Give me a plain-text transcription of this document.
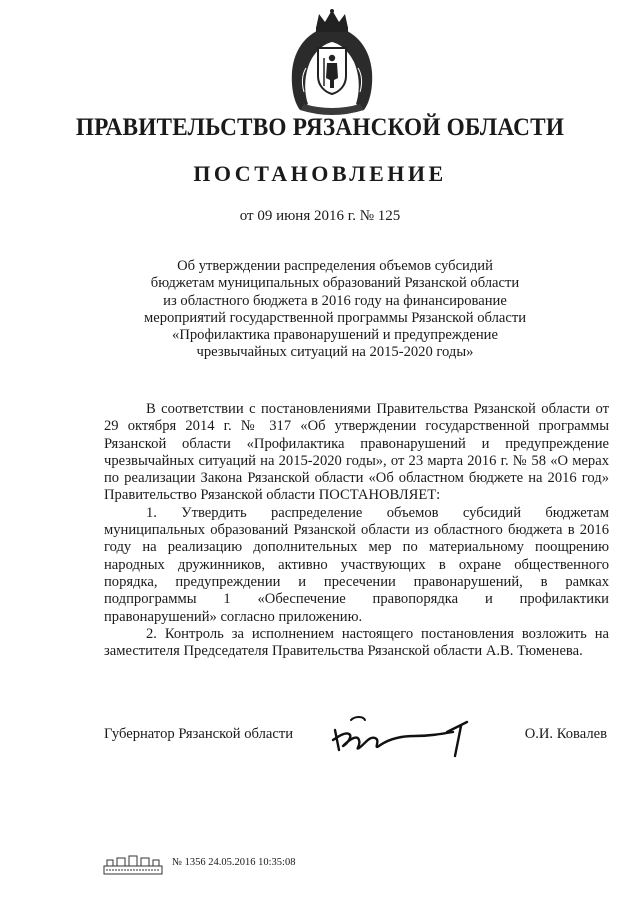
ПРАВИТЕЛЬСТВО РЯЗАНСКОЙ ОБЛАСТИ
ПОСТАНОВЛЕНИЕ
от 09 июня 2016 г. № 125
Об утверждении распределения объемов субсидий
бюджетам муниципальных образований Рязанской области
из областного бюджета в 2016 году на финансирование
мероприятий государственной программы Рязанской области
«Профилактика правонарушений и предупреждение
чрезвычайных ситуаций на 2015-2020 годы»

В соответствии с постановлениями Правительства Рязанской области от 29 октября 2014 г. № 317 «Об утверждении государственной программы Рязанской области «Профилактика правонарушений и предупреждение чрезвычайных ситуаций на 2015-2020 годы», от 23 марта 2016 г. № 58 «О мерах по реализации Закона Рязанской области «Об областном бюджете на 2016 год» Правительство Рязанской области ПОСТАНОВЛЯЕТ:

1. Утвердить распределение объемов субсидий бюджетам муниципальных образований Рязанской области из областного бюджета в 2016 году на реализацию дополнительных мер по материальному поощрению народных дружинников, активно участвующих в охране общественного порядка, предупреждении и пресечении правонарушений, в рамках подпрограммы 1 «Обеспечение правопорядка и профилактики правонарушений» согласно приложению.

2. Контроль за исполнением настоящего постановления возложить на заместителя Председателя Правительства Рязанской области А.В. Тюменева.

Губернатор Рязанской области	О.И. Ковалев
№ 1356 24.05.2016 10:35:08
